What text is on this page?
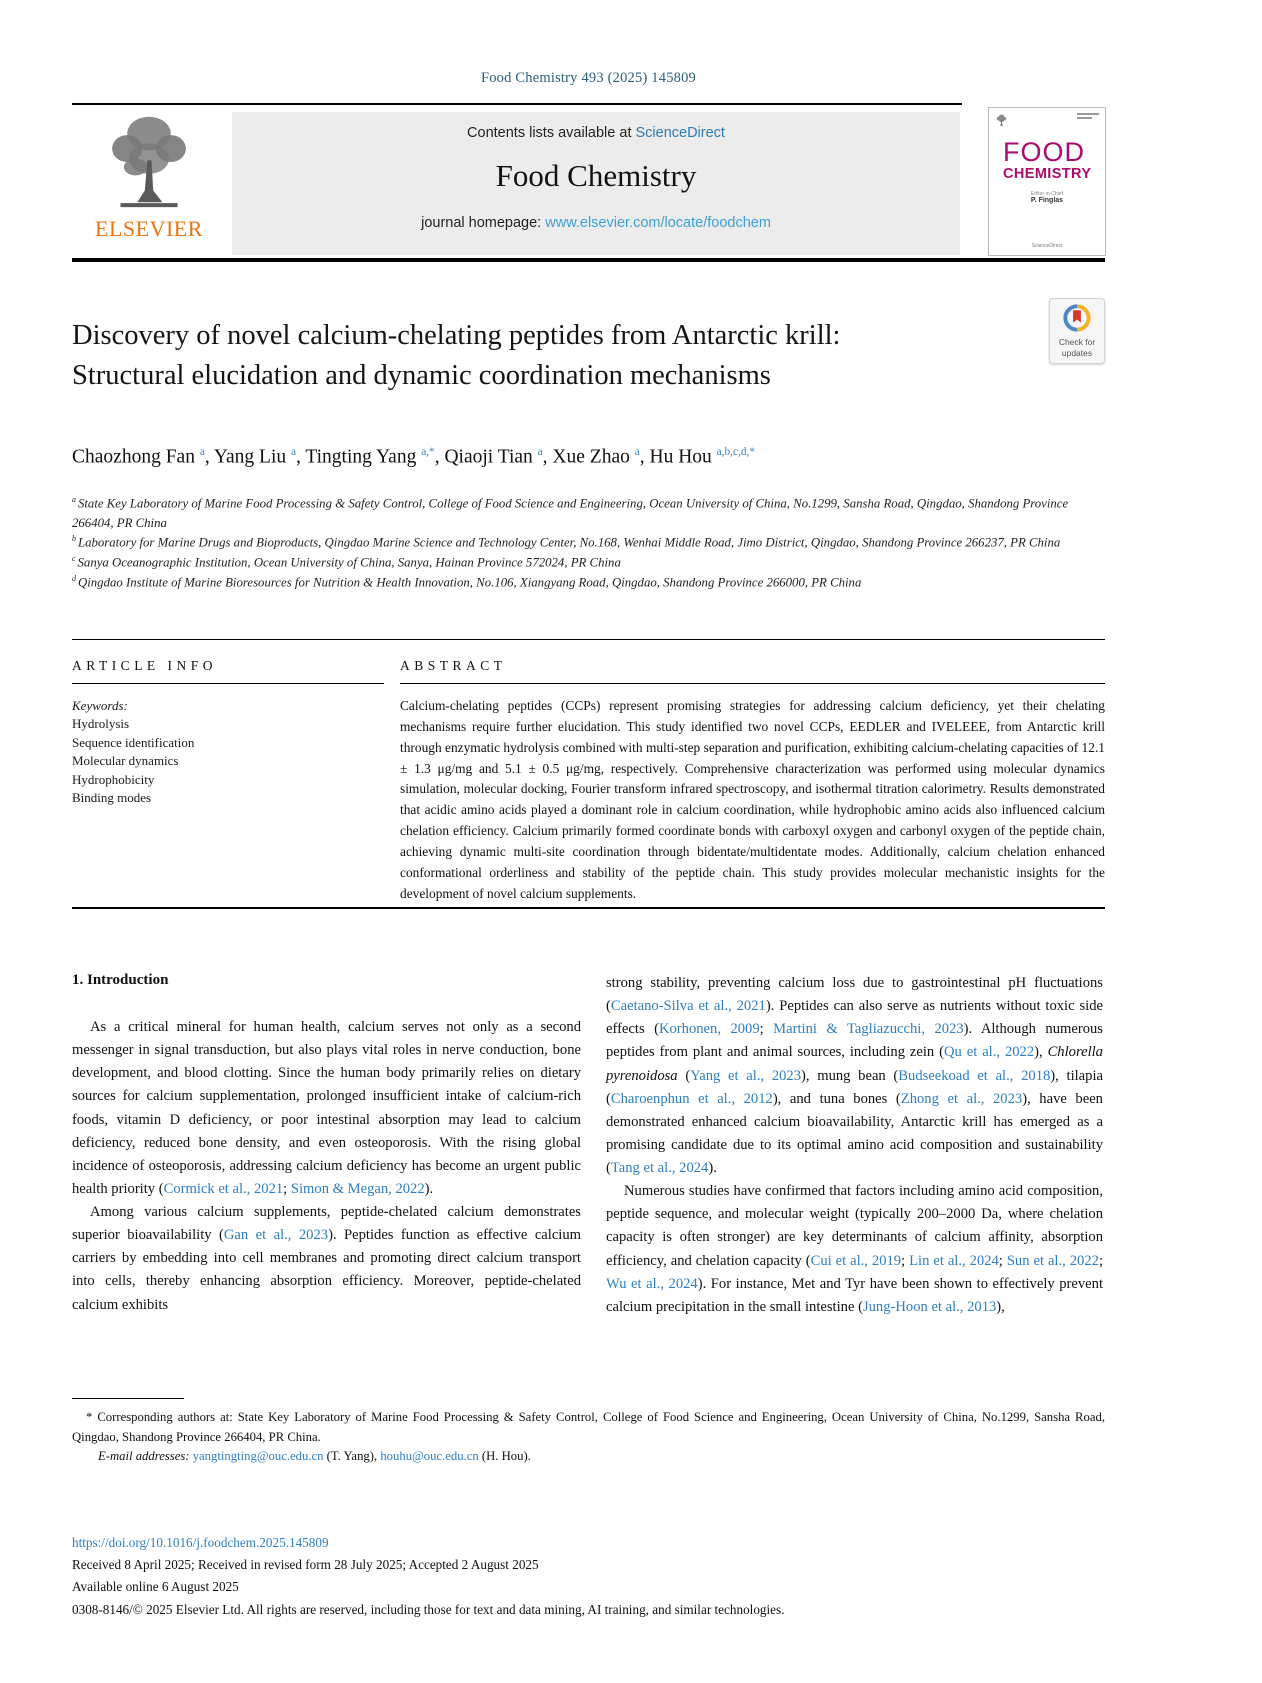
Food Chemistry 493 (2025) 145809
ELSEVIER
Contents lists available at ScienceDirect
Food Chemistry
journal homepage: www.elsevier.com/locate/foodchem
FOOD
CHEMISTRY
Editor-in-Chief
P. Finglas
ScienceDirect
Discovery of novel calcium-chelating peptides from Antarctic krill:
Structural elucidation and dynamic coordination mechanisms
Check for
updates
Chaozhong Fan $^a$, Yang Liu $^a$, Tingting Yang $^{a,*}$, Qiaoji Tian $^a$, Xue Zhao $^a$, Hu Hou $^{a,b,c,d,*}$
$^a$ State Key Laboratory of Marine Food Processing & Safety Control, College of Food Science and Engineering, Ocean University of China, No.1299, Sansha Road, Qingdao, Shandong Province 266404, PR China
$^b$ Laboratory for Marine Drugs and Bioproducts, Qingdao Marine Science and Technology Center, No.168, Wenhai Middle Road, Jimo District, Qingdao, Shandong Province 266237, PR China
$^c$ Sanya Oceanographic Institution, Ocean University of China, Sanya, Hainan Province 572024, PR China
$^d$ Qingdao Institute of Marine Bioresources for Nutrition & Health Innovation, No.106, Xiangyang Road, Qingdao, Shandong Province 266000, PR China
ARTICLE INFO
Keywords:
Hydrolysis
Sequence identification
Molecular dynamics
Hydrophobicity
Binding modes
ABSTRACT
Calcium-chelating peptides (CCPs) represent promising strategies for addressing calcium deficiency, yet their chelating mechanisms require further elucidation. This study identified two novel CCPs, EEDLER and IVELEEE, from Antarctic krill through enzymatic hydrolysis combined with multi-step separation and purification, exhibiting calcium-chelating capacities of 12.1 ± 1.3 μg/mg and 5.1 ± 0.5 μg/mg, respectively. Comprehensive characterization was performed using molecular dynamics simulation, molecular docking, Fourier transform infrared spectroscopy, and isothermal titration calorimetry. Results demonstrated that acidic amino acids played a dominant role in calcium coordination, while hydrophobic amino acids also influenced calcium chelation efficiency. Calcium primarily formed coordinate bonds with carboxyl oxygen and carbonyl oxygen of the peptide chain, achieving dynamic multi-site coordination through bidentate/multidentate modes. Additionally, calcium chelation enhanced conformational orderliness and stability of the peptide chain. This study provides molecular mechanistic insights for the development of novel calcium supplements.
1. Introduction

As a critical mineral for human health, calcium serves not only as a second messenger in signal transduction, but also plays vital roles in nerve conduction, bone development, and blood clotting. Since the human body primarily relies on dietary sources for calcium supplementation, prolonged insufficient intake of calcium-rich foods, vitamin D deficiency, or poor intestinal absorption may lead to calcium deficiency, reduced bone density, and even osteoporosis. With the rising global incidence of osteoporosis, addressing calcium deficiency has become an urgent public health priority (Cormick et al., 2021; Simon & Megan, 2022).

Among various calcium supplements, peptide-chelated calcium demonstrates superior bioavailability (Gan et al., 2023). Peptides function as effective calcium carriers by embedding into cell membranes and promoting direct calcium transport into cells, thereby enhancing absorption efficiency. Moreover, peptide-chelated calcium exhibits

strong stability, preventing calcium loss due to gastrointestinal pH fluctuations (Caetano-Silva et al., 2021). Peptides can also serve as nutrients without toxic side effects (Korhonen, 2009; Martini & Tagliazucchi, 2023). Although numerous peptides from plant and animal sources, including zein (Qu et al., 2022), Chlorella pyrenoidosa (Yang et al., 2023), mung bean (Budseekoad et al., 2018), tilapia (Charoenphun et al., 2012), and tuna bones (Zhong et al., 2023), have been demonstrated enhanced calcium bioavailability, Antarctic krill has emerged as a promising candidate due to its optimal amino acid composition and sustainability (Tang et al., 2024).

Numerous studies have confirmed that factors including amino acid composition, peptide sequence, and molecular weight (typically 200–2000 Da, where chelation capacity is often stronger) are key determinants of calcium affinity, absorption efficiency, and chelation capacity (Cui et al., 2019; Lin et al., 2024; Sun et al., 2022; Wu et al., 2024). For instance, Met and Tyr have been shown to effectively prevent calcium precipitation in the small intestine (Jung-Hoon et al., 2013),

* Corresponding authors at: State Key Laboratory of Marine Food Processing & Safety Control, College of Food Science and Engineering, Ocean University of China, No.1299, Sansha Road, Qingdao, Shandong Province 266404, PR China.

E-mail addresses: yangtingting@ouc.edu.cn (T. Yang), houhu@ouc.edu.cn (H. Hou).

https://doi.org/10.1016/j.foodchem.2025.145809
Received 8 April 2025; Received in revised form 28 July 2025; Accepted 2 August 2025
Available online 6 August 2025
0308-8146/© 2025 Elsevier Ltd. All rights are reserved, including those for text and data mining, AI training, and similar technologies.
